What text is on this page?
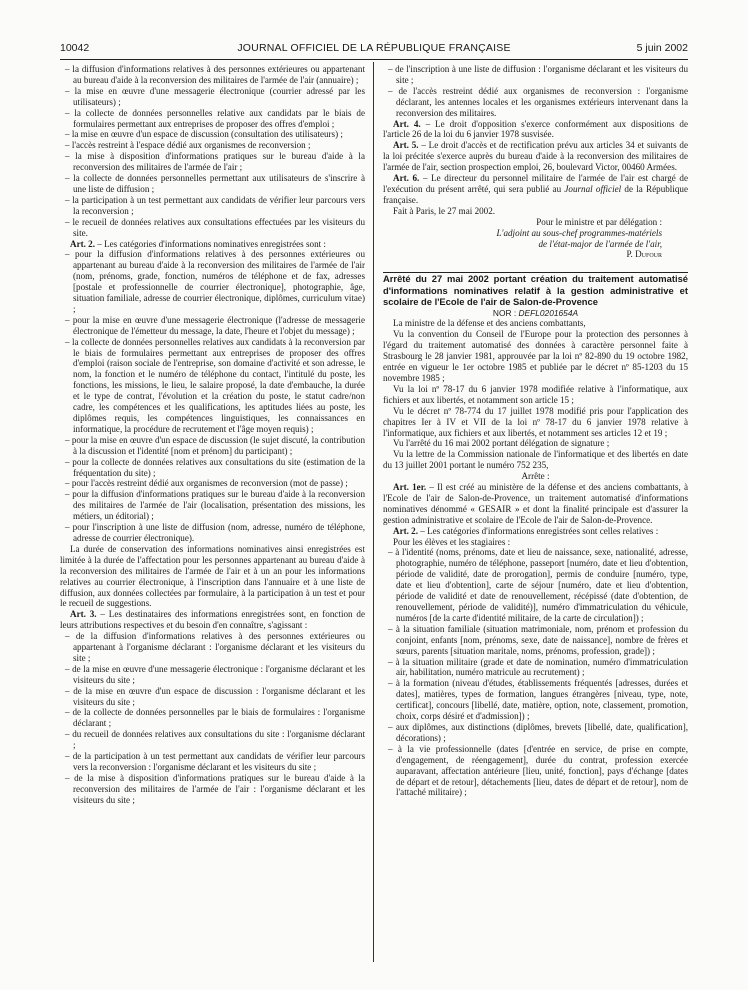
10042	JOURNAL OFFICIEL DE LA RÉPUBLIQUE FRANÇAISE	5 juin 2002

– la diffusion d'informations relatives à des personnes extérieures ou appartenant au bureau d'aide à la reconversion des militaires de l'armée de l'air (annuaire) ;

– la mise en œuvre d'une messagerie électronique (courrier adressé par les utilisateurs) ;

– la collecte de données personnelles relative aux candidats par le biais de formulaires permettant aux entreprises de proposer des offres d'emploi ;

– la mise en œuvre d'un espace de discussion (consultation des utilisateurs) ;

– l'accès restreint à l'espace dédié aux organismes de reconversion ;

– la mise à disposition d'informations pratiques sur le bureau d'aide à la reconversion des militaires de l'armée de l'air ;

– la collecte de données personnelles permettant aux utilisateurs de s'inscrire à une liste de diffusion ;

– la participation à un test permettant aux candidats de vérifier leur parcours vers la reconversion ;

– le recueil de données relatives aux consultations effectuées par les visiteurs du site.

Art. 2. – Les catégories d'informations nominatives enregistrées sont :

– pour la diffusion d'informations relatives à des personnes extérieures ou appartenant au bureau d'aide à la reconversion des militaires de l'armée de l'air (nom, prénoms, grade, fonction, numéros de téléphone et de fax, adresses [postale et professionnelle de courrier électronique], photographie, âge, situation familiale, adresse de courrier électronique, diplômes, curriculum vitae) ;

– pour la mise en œuvre d'une messagerie électronique (l'adresse de messagerie électronique de l'émetteur du message, la date, l'heure et l'objet du message) ;

– la collecte de données personnelles relatives aux candidats à la reconversion par le biais de formulaires permettant aux entreprises de proposer des offres d'emploi (raison sociale de l'entreprise, son domaine d'activité et son adresse, le nom, la fonction et le numéro de téléphone du contact, l'intitulé du poste, les fonctions, les missions, le lieu, le salaire proposé, la date d'embauche, la durée et le type de contrat, l'évolution et la création du poste, le statut cadre/non cadre, les compétences et les qualifications, les aptitudes liées au poste, les diplômes requis, les compétences linguistiques, les connaissances en informatique, la procédure de recrutement et l'âge moyen requis) ;

– pour la mise en œuvre d'un espace de discussion (le sujet discuté, la contribution à la discussion et l'identité [nom et prénom] du participant) ;

– pour la collecte de données relatives aux consultations du site (estimation de la fréquentation du site) ;

– pour l'accès restreint dédié aux organismes de reconversion (mot de passe) ;

– pour la diffusion d'informations pratiques sur le bureau d'aide à la reconversion des militaires de l'armée de l'air (localisation, présentation des missions, les métiers, un éditorial) ;

– pour l'inscription à une liste de diffusion (nom, adresse, numéro de téléphone, adresse de courrier électronique).

La durée de conservation des informations nominatives ainsi enregistrées est limitée à la durée de l'affectation pour les personnes appartenant au bureau d'aide à la reconversion des militaires de l'armée de l'air et à un an pour les informations relatives au courrier électronique, à l'inscription dans l'annuaire et à une liste de diffusion, aux données collectées par formulaire, à la participation à un test et pour le recueil de suggestions.

Art. 3. – Les destinataires des informations enregistrées sont, en fonction de leurs attributions respectives et du besoin d'en connaître, s'agissant :

– de la diffusion d'informations relatives à des personnes extérieures ou appartenant à l'organisme déclarant : l'organisme déclarant et les visiteurs du site ;

– de la mise en œuvre d'une messagerie électronique : l'organisme déclarant et les visiteurs du site ;

– de la mise en œuvre d'un espace de discussion : l'organisme déclarant et les visiteurs du site ;

– de la collecte de données personnelles par le biais de formulaires : l'organisme déclarant ;

– du recueil de données relatives aux consultations du site : l'organisme déclarant ;

– de la participation à un test permettant aux candidats de vérifier leur parcours vers la reconversion : l'organisme déclarant et les visiteurs du site ;

– de la mise à disposition d'informations pratiques sur le bureau d'aide à la reconversion des militaires de l'armée de l'air : l'organisme déclarant et les visiteurs du site ;

– de l'inscription à une liste de diffusion : l'organisme déclarant et les visiteurs du site ;

– de l'accès restreint dédié aux organismes de reconversion : l'organisme déclarant, les antennes locales et les organismes extérieurs intervenant dans la reconversion des militaires.

Art. 4. – Le droit d'opposition s'exerce conformément aux dispositions de l'article 26 de la loi du 6 janvier 1978 susvisée.

Art. 5. – Le droit d'accès et de rectification prévu aux articles 34 et suivants de la loi précitée s'exerce auprès du bureau d'aide à la reconversion des militaires de l'armée de l'air, section prospection emploi, 26, boulevard Victor, 00460 Armées.

Art. 6. – Le directeur du personnel militaire de l'armée de l'air est chargé de l'exécution du présent arrêté, qui sera publié au Journal officiel de la République française.

Fait à Paris, le 27 mai 2002.

Pour le ministre et par délégation :

L'adjoint au sous-chef programmes-matériels

de l'état-major de l'armée de l'air,

P. Dufour

Arrêté du 27 mai 2002 portant création du traitement automatisé d'informations nominatives relatif à la gestion administrative et scolaire de l'Ecole de l'air de Salon-de-Provence

NOR : DEFL0201654A

La ministre de la défense et des anciens combattants,

Vu la convention du Conseil de l'Europe pour la protection des personnes à l'égard du traitement automatisé des données à caractère personnel faite à Strasbourg le 28 janvier 1981, approuvée par la loi nº 82-890 du 19 octobre 1982, entrée en vigueur le 1er octobre 1985 et publiée par le décret nº 85-1203 du 15 novembre 1985 ;

Vu la loi nº 78-17 du 6 janvier 1978 modifiée relative à l'informatique, aux fichiers et aux libertés, et notamment son article 15 ;

Vu le décret nº 78-774 du 17 juillet 1978 modifié pris pour l'application des chapitres Ier à IV et VII de la loi nº 78-17 du 6 janvier 1978 relative à l'informatique, aux fichiers et aux libertés, et notamment ses articles 12 et 19 ;

Vu l'arrêté du 16 mai 2002 portant délégation de signature ;

Vu la lettre de la Commission nationale de l'informatique et des libertés en date du 13 juillet 2001 portant le numéro 752 235,

Arrête :

Art. 1er. – Il est créé au ministère de la défense et des anciens combattants, à l'Ecole de l'air de Salon-de-Provence, un traitement automatisé d'informations nominatives dénommé « GESAIR » et dont la finalité principale est d'assurer la gestion administrative et scolaire de l'Ecole de l'air de Salon-de-Provence.

Art. 2. – Les catégories d'informations enregistrées sont celles relatives :

Pour les élèves et les stagiaires :

– à l'identité (noms, prénoms, date et lieu de naissance, sexe, nationalité, adresse, photographie, numéro de téléphone, passeport [numéro, date et lieu d'obtention, période de validité, date de prorogation], permis de conduire [numéro, type, date et lieu d'obtention], carte de séjour [numéro, date et lieu d'obtention, période de validité et date de renouvellement, récépissé (date d'obtention, de renouvellement, période de validité)], numéro d'immatriculation du véhicule, numéros [de la carte d'identité militaire, de la carte de circulation]) ;

– à la situation familiale (situation matrimoniale, nom, prénom et profession du conjoint, enfants [nom, prénoms, sexe, date de naissance], nombre de frères et sœurs, parents [situation maritale, noms, prénoms, profession, grade]) ;

– à la situation militaire (grade et date de nomination, numéro d'immatriculation air, habilitation, numéro matricule au recrutement) ;

– à la formation (niveau d'études, établissements fréquentés [adresses, durées et dates], matières, types de formation, langues étrangères [niveau, type, note, certificat], concours [libellé, date, matière, option, note, classement, promotion, choix, corps désiré et d'admission]) ;

– aux diplômes, aux distinctions (diplômes, brevets [libellé, date, qualification], décorations) ;

– à la vie professionnelle (dates [d'entrée en service, de prise en compte, d'engagement, de réengagement], durée du contrat, profession exercée auparavant, affectation antérieure [lieu, unité, fonction], pays d'échange [dates de départ et de retour], détachements [lieu, dates de départ et de retour], nom de l'attaché militaire) ;
